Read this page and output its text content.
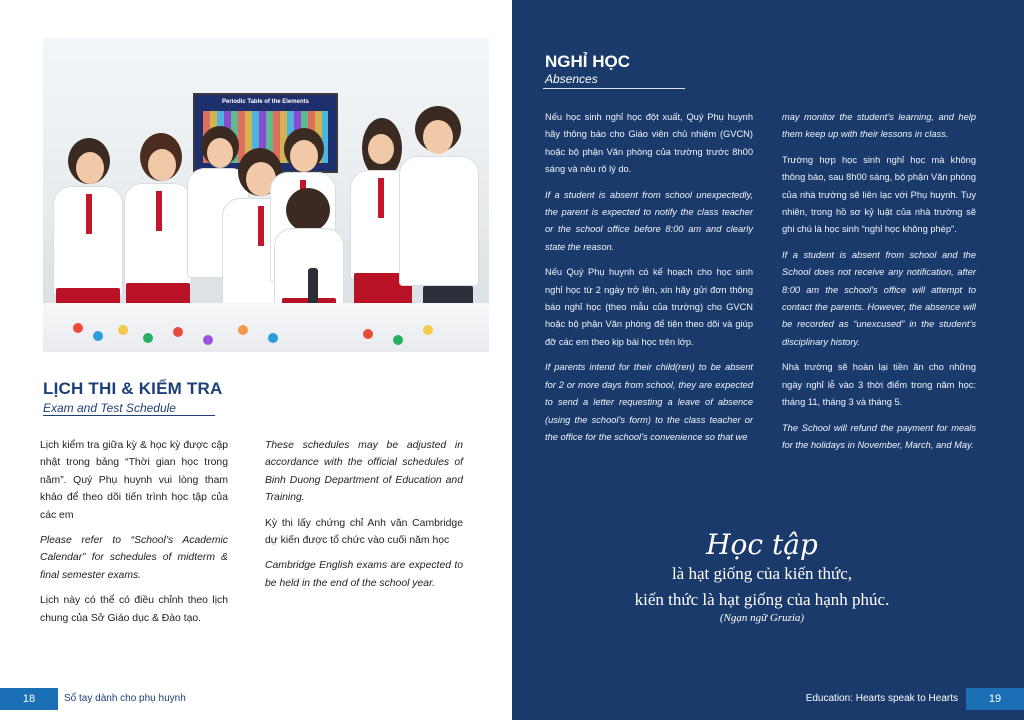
Periodic Table of the Elements
LỊCH THI & KIỂM TRA
Exam and Test Schedule

Lịch kiểm tra giữa kỳ & học kỳ được cập nhật trong bảng “Thời gian học trong năm”. Quý Phụ huynh vui lòng tham khảo để theo dõi tiến trình học tập của các em

Please refer to “School’s Academic Calendar” for schedules of midterm & final semester exams.

Lịch này có thể có điều chỉnh theo lịch chung của Sở Giáo dục & Đào tạo.

These schedules may be adjusted in accordance with the official schedules of Binh Duong Department of Education and Training.

Kỳ thi lấy chứng chỉ Anh văn Cambridge dự kiến được tổ chức vào cuối năm học

Cambridge English exams are expected to be held in the end of the school year.

18	Sổ tay dành cho phụ huynh
NGHỈ HỌC
Absences

Nếu học sinh nghỉ học đột xuất, Quý Phụ huynh hãy thông báo cho Giáo viên chủ nhiệm (GVCN) hoặc bộ phận Văn phòng của trường trước 8h00 sáng và nêu rõ lý do.

If a student is absent from school unexpectedly, the parent is expected to notify the class teacher or the school office before 8:00 am and clearly state the reason.

Nếu Quý Phụ huynh có kế hoạch cho học sinh nghỉ học từ 2 ngày trở lên, xin hãy gửi đơn thông báo nghỉ học (theo mẫu của trường) cho GVCN hoặc bộ phận Văn phòng để tiện theo dõi và giúp đỡ các em theo kịp bài học trên lớp.

If parents intend for their child(ren) to be absent for 2 or more days from school, they are expected to send a letter requesting a leave of absence (using the school’s form) to the class teacher or the office for the school’s convenience so that we

may monitor the student’s learning, and help them keep up with their lessons in class.

Trường hợp học sinh nghỉ học mà không thông báo, sau 8h00 sáng, bộ phận Văn phòng của nhà trường sẽ liên lạc với Phụ huynh. Tuy nhiên, trong hồ sơ kỷ luật của nhà trường sẽ ghi chú là học sinh “nghỉ học không phép”.

If a student is absent from school and the School does not receive any notification, after 8:00 am the school’s office will attempt to contact the parents. However, the absence will be recorded as “unexcused” in the student’s disciplinary history.

Nhà trường sẽ hoàn lại tiền ăn cho những ngày nghỉ lễ vào 3 thời điểm trong năm học: tháng 11, tháng 3 và tháng 5.

The School will refund the payment for meals for the holidays in November, March, and May.

Học tập
là hạt giống của kiến thức,
kiến thức là hạt giống của hạnh phúc.
(Ngạn ngữ Gruzia)
Education: Hearts speak to Hearts	19
